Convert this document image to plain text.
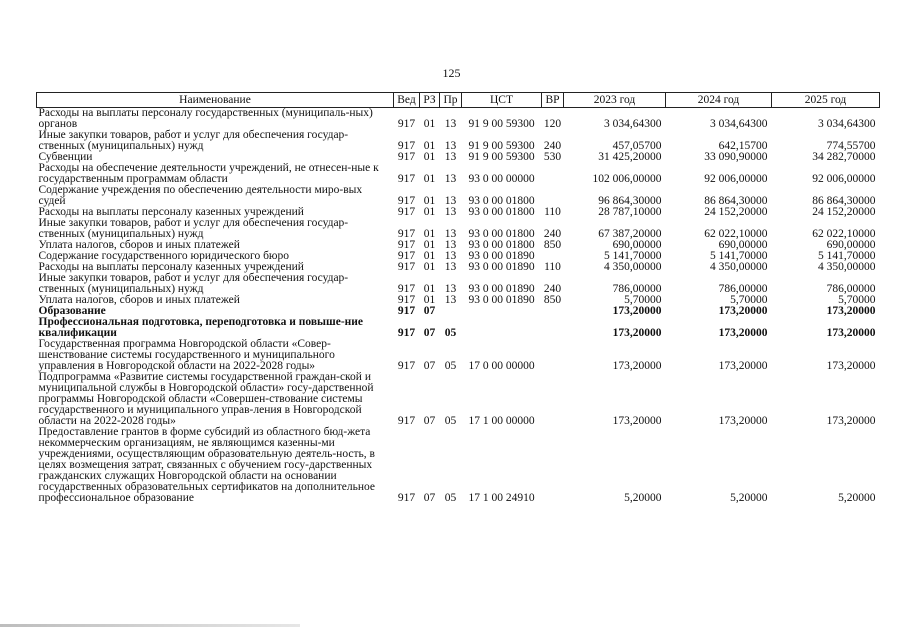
125
Наименование	Вед	РЗ	Пр	ЦСТ	ВР	2023 год	2024 год	2025 год
Расходы на выплаты персоналу государственных (муниципаль-ных) органов	917	01	13	91 9 00 59300	120	3 034,64300	3 034,64300	3 034,64300
Иные закупки товаров, работ и услуг для обеспечения государ-ственных (муниципальных) нужд	917	01	13	91 9 00 59300	240	457,05700	642,15700	774,55700
Субвенции	917	01	13	91 9 00 59300	530	31 425,20000	33 090,90000	34 282,70000
Расходы на обеспечение деятельности учреждений, не отнесен-ные к государственным программам области	917	01	13	93 0 00 00000		102 006,00000	92 006,00000	92 006,00000
Содержание учреждения по обеспечению деятельности миро-вых судей	917	01	13	93 0 00 01800		96 864,30000	86 864,30000	86 864,30000
Расходы на выплаты персоналу казенных учреждений	917	01	13	93 0 00 01800	110	28 787,10000	24 152,20000	24 152,20000
Иные закупки товаров, работ и услуг для обеспечения государ-ственных (муниципальных) нужд	917	01	13	93 0 00 01800	240	67 387,20000	62 022,10000	62 022,10000
Уплата налогов, сборов и иных платежей	917	01	13	93 0 00 01800	850	690,00000	690,00000	690,00000
Содержание государственного юридического бюро	917	01	13	93 0 00 01890		5 141,70000	5 141,70000	5 141,70000
Расходы на выплаты персоналу казенных учреждений	917	01	13	93 0 00 01890	110	4 350,00000	4 350,00000	4 350,00000
Иные закупки товаров, работ и услуг для обеспечения государ-ственных (муниципальных) нужд	917	01	13	93 0 00 01890	240	786,00000	786,00000	786,00000
Уплата налогов, сборов и иных платежей	917	01	13	93 0 00 01890	850	5,70000	5,70000	5,70000
Образование	917	07				173,20000	173,20000	173,20000
Профессиональная подготовка, переподготовка и повыше-ние квалификации	917	07	05			173,20000	173,20000	173,20000
Государственная программа Новгородской области «Совер-шенствование системы государственного и муниципального управления в Новгородской области на 2022-2028 годы»	917	07	05	17 0 00 00000		173,20000	173,20000	173,20000
Подпрограмма «Развитие системы государственной граждан-ской и муниципальной службы в Новгородской области» госу-дарственной программы Новгородской области «Совершен-ствование системы государственного и муниципального управ-ления в Новгородской области на 2022-2028 годы»	917	07	05	17 1 00 00000		173,20000	173,20000	173,20000
Предоставление грантов в форме субсидий из областного бюд-жета некоммерческим организациям, не являющимся казенны-ми учреждениями, осуществляющим образовательную деятель-ность, в целях возмещения затрат, связанных с обучением госу-дарственных гражданских служащих Новгородской области на основании государственных образовательных сертификатов на дополнительное профессиональное образование	917	07	05	17 1 00 24910		5,20000	5,20000	5,20000
